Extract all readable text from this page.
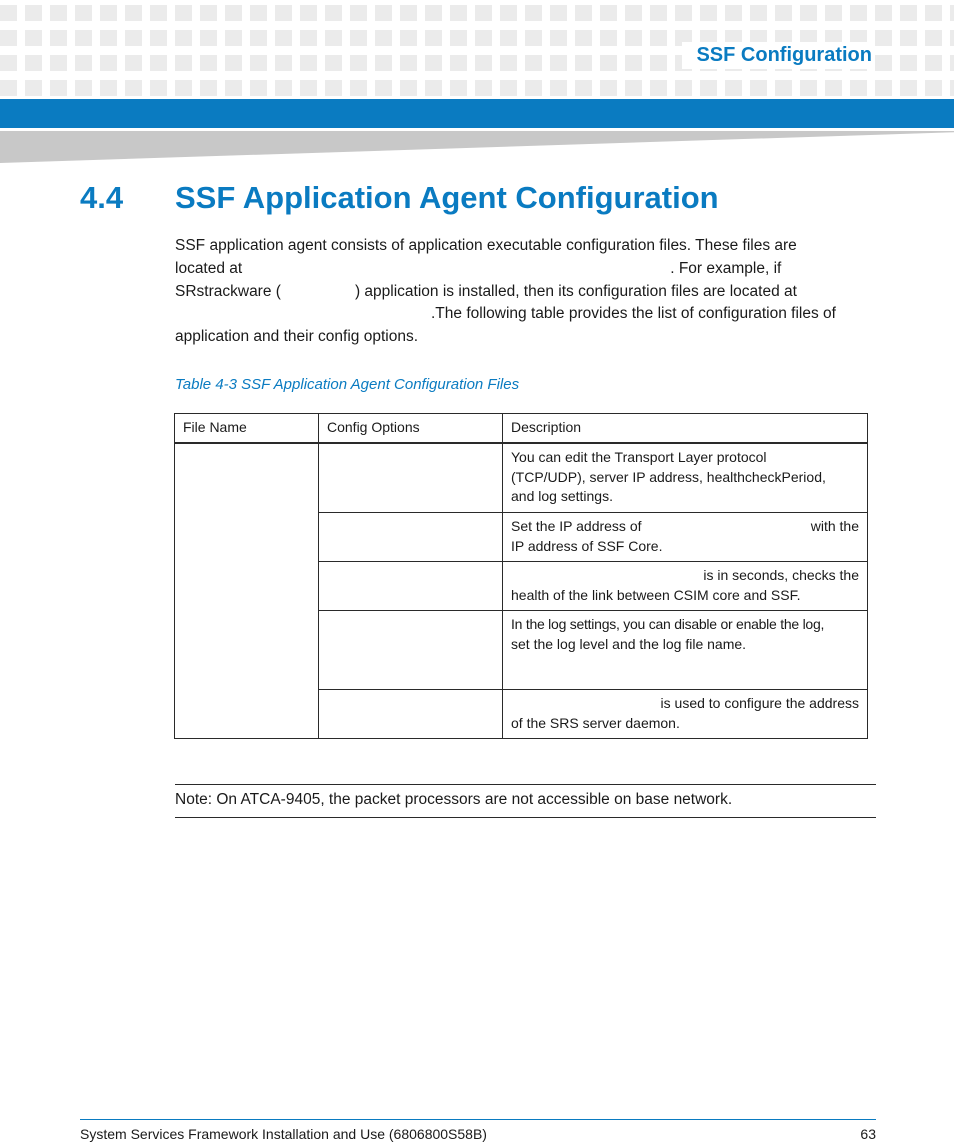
SSF Configuration
4.4 SSF Application Agent Configuration
SSF application agent consists of application executable configuration files. These files are
located at	. For example, if
SRstrackware (	) application is installed, then its configuration files are located at
.The following table provides the list of configuration files of
application and their config options.
Table 4-3 SSF Application Agent Configuration Files
File Name	Config Options	Description

		You can edit the Transport Layer protocol
(TCP/UDP), server IP address, healthcheckPeriod,
and log settings.

		Set the IP address of with the
IP address of SSF Core.

		is in seconds, checks the
health of the link between CSIM core and SSF.

		In the log settings, you can disable or enable the log,
set the log level and the log file name.

		is used to configure the address
of the SRS server daemon.
Note: On ATCA-9405, the packet processors are not accessible on base network.
System Services Framework Installation and Use (6806800S58B)	63
